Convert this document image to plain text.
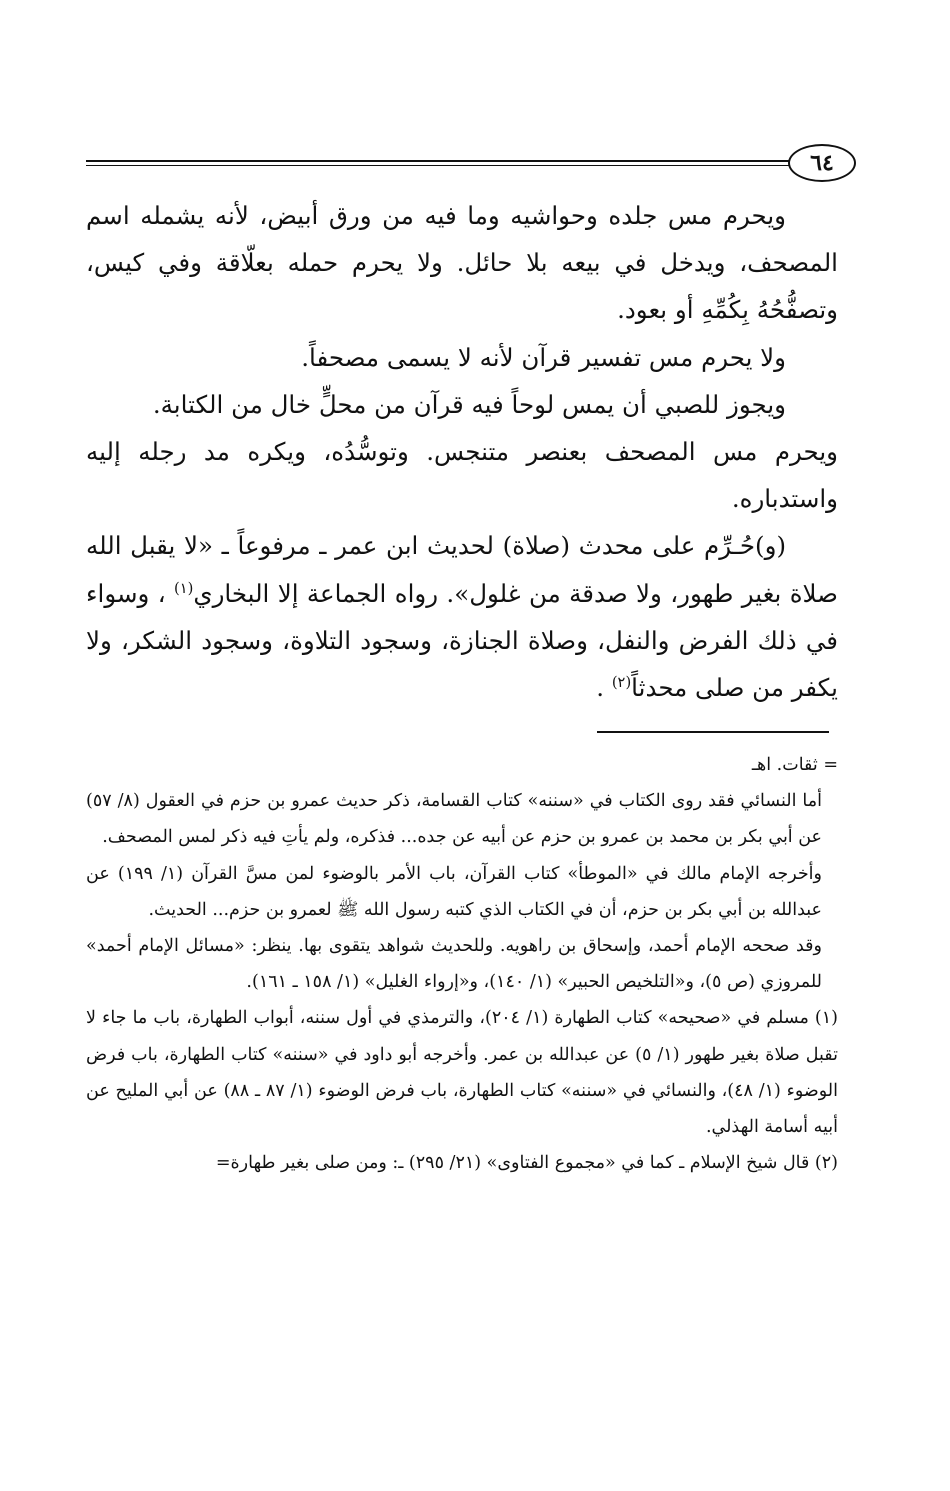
٦٤

ويحرم مس جلده وحواشيه وما فيه من ورق أبيض، لأنه يشمله اسم المصحف، ويدخل في بيعه بلا حائل. ولا يحرم حمله بعلّاقة وفي كيس، وتصفُّحُهُ بِكُمِّهِ أو بعود.

ولا يحرم مس تفسير قرآن لأنه لا يسمى مصحفاً.

ويجوز للصبي أن يمس لوحاً فيه قرآن من محلٍّ خال من الكتابة.

ويحرم مس المصحف بعنصر متنجس. وتوسُّدُه، ويكره مد رجله إليه واستدباره.

(و)حُـرِّم على محدث (صلاة) لحديث ابن عمر ـ مرفوعاً ـ «لا يقبل الله صلاة بغير طهور، ولا صدقة من غلول». رواه الجماعة إلا البخاري$^{(١)}$ ، وسواء في ذلك الفرض والنفل، وصلاة الجنازة، وسجود التلاوة، وسجود الشكر، ولا يكفر من صلى محدثاً$^{(٢)}$ .

= ثقات. اهـ

أما النسائي فقد روى الكتاب في «سننه» كتاب القسامة، ذكر حديث عمرو بن حزم في العقول (٨/ ٥٧) عن أبي بكر بن محمد بن عمرو بن حزم عن أبيه عن جده... فذكره، ولم يأتِ فيه ذكر لمس المصحف.

وأخرجه الإمام مالك في «الموطأ» كتاب القرآن، باب الأمر بالوضوء لمن مسَّ القرآن (١/ ١٩٩) عن عبدالله بن أبي بكر بن حزم، أن في الكتاب الذي كتبه رسول الله ﷺ لعمرو بن حزم... الحديث.

وقد صححه الإمام أحمد، وإسحاق بن راهويه. وللحديث شواهد يتقوى بها. ينظر: «مسائل الإمام أحمد» للمروزي (ص ٥)، و«التلخيص الحبير» (١/ ١٤٠)، و«إرواء الغليل» (١/ ١٥٨ ـ ١٦١).

(١) مسلم في «صحيحه» كتاب الطهارة (١/ ٢٠٤)، والترمذي في أول سننه، أبواب الطهارة، باب ما جاء لا تقبل صلاة بغير طهور (١/ ٥) عن عبدالله بن عمر. وأخرجه أبو داود في «سننه» كتاب الطهارة، باب فرض الوضوء (١/ ٤٨)، والنسائي في «سننه» كتاب الطهارة، باب فرض الوضوء (١/ ٨٧ ـ ٨٨) عن أبي المليح عن أبيه أسامة الهذلي.

(٢) قال شيخ الإسلام ـ كما في «مجموع الفتاوى» (٢١/ ٢٩٥) ـ: ومن صلى بغير طهارة=
